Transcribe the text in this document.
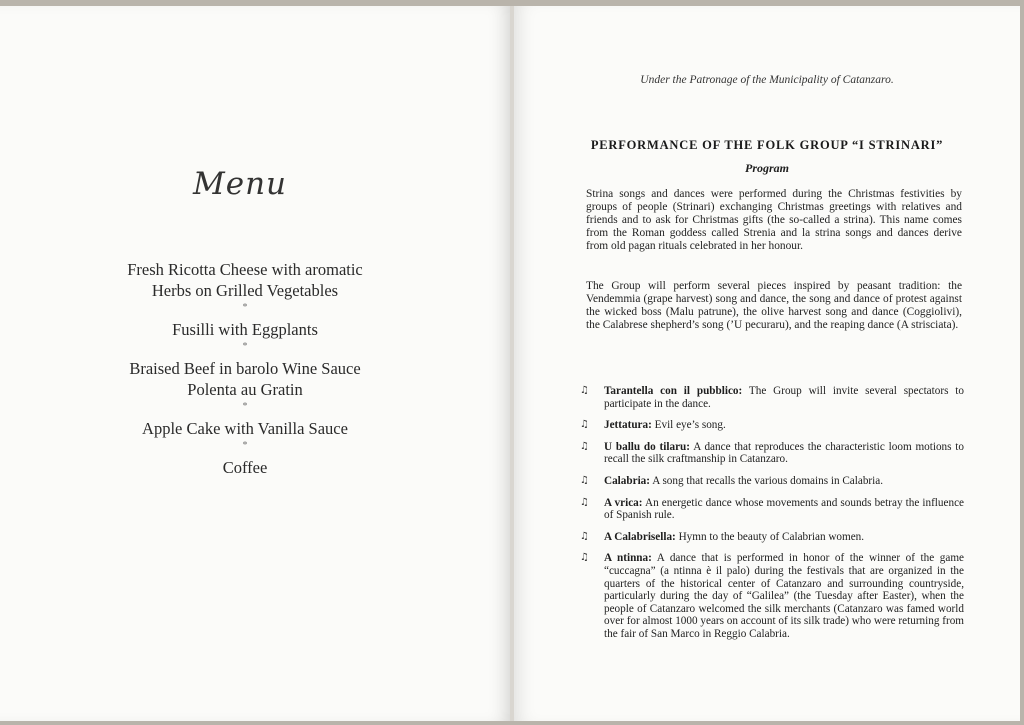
Menu
Fresh Ricotta Cheese with aromatic
Herbs on Grilled Vegetables
*
Fusilli with Eggplants
*
Braised Beef in barolo Wine Sauce
Polenta au Gratin
*
Apple Cake with Vanilla Sauce
*
Coffee
Under the Patronage of the Municipality of Catanzaro.
PERFORMANCE OF THE FOLK GROUP “I STRINARI”
Program
Strina songs and dances were performed during the Christmas festivities by groups of people (Strinari) exchanging Christmas greetings with relatives and friends and to ask for Christmas gifts (the so-called a strina). This name comes from the Roman goddess called Strenia and la strina songs and dances derive from old pagan rituals celebrated in her honour.
The Group will perform several pieces inspired by peasant tradition: the Vendemmia (grape harvest) song and dance, the song and dance of protest against the wicked boss (Malu patrune), the olive harvest song and dance (Coggiolivi), the Calabrese shepherd’s song (’U pecuraru), and the reaping dance (A strisciata).
♫ Tarantella con il pubblico: The Group will invite several spectators to participate in the dance.
♫ Jettatura: Evil eye’s song.
♫ U ballu do tilaru: A dance that reproduces the characteristic loom motions to recall the silk craftmanship in Catanzaro.
♫ Calabria: A song that recalls the various domains in Calabria.
♫ A vrica: An energetic dance whose movements and sounds betray the influence of Spanish rule.
♫ A Calabrisella: Hymn to the beauty of Calabrian women.
♫ A ntinna: A dance that is performed in honor of the winner of the game “cuccagna” (a ntinna è il palo) during the festivals that are organized in the quarters of the historical center of Catanzaro and surrounding countryside, particularly during the day of “Galilea” (the Tuesday after Easter), when the people of Catanzaro welcomed the silk merchants (Catanzaro was famed world over for almost 1000 years on account of its silk trade) who were returning from the fair of San Marco in Reggio Calabria.
